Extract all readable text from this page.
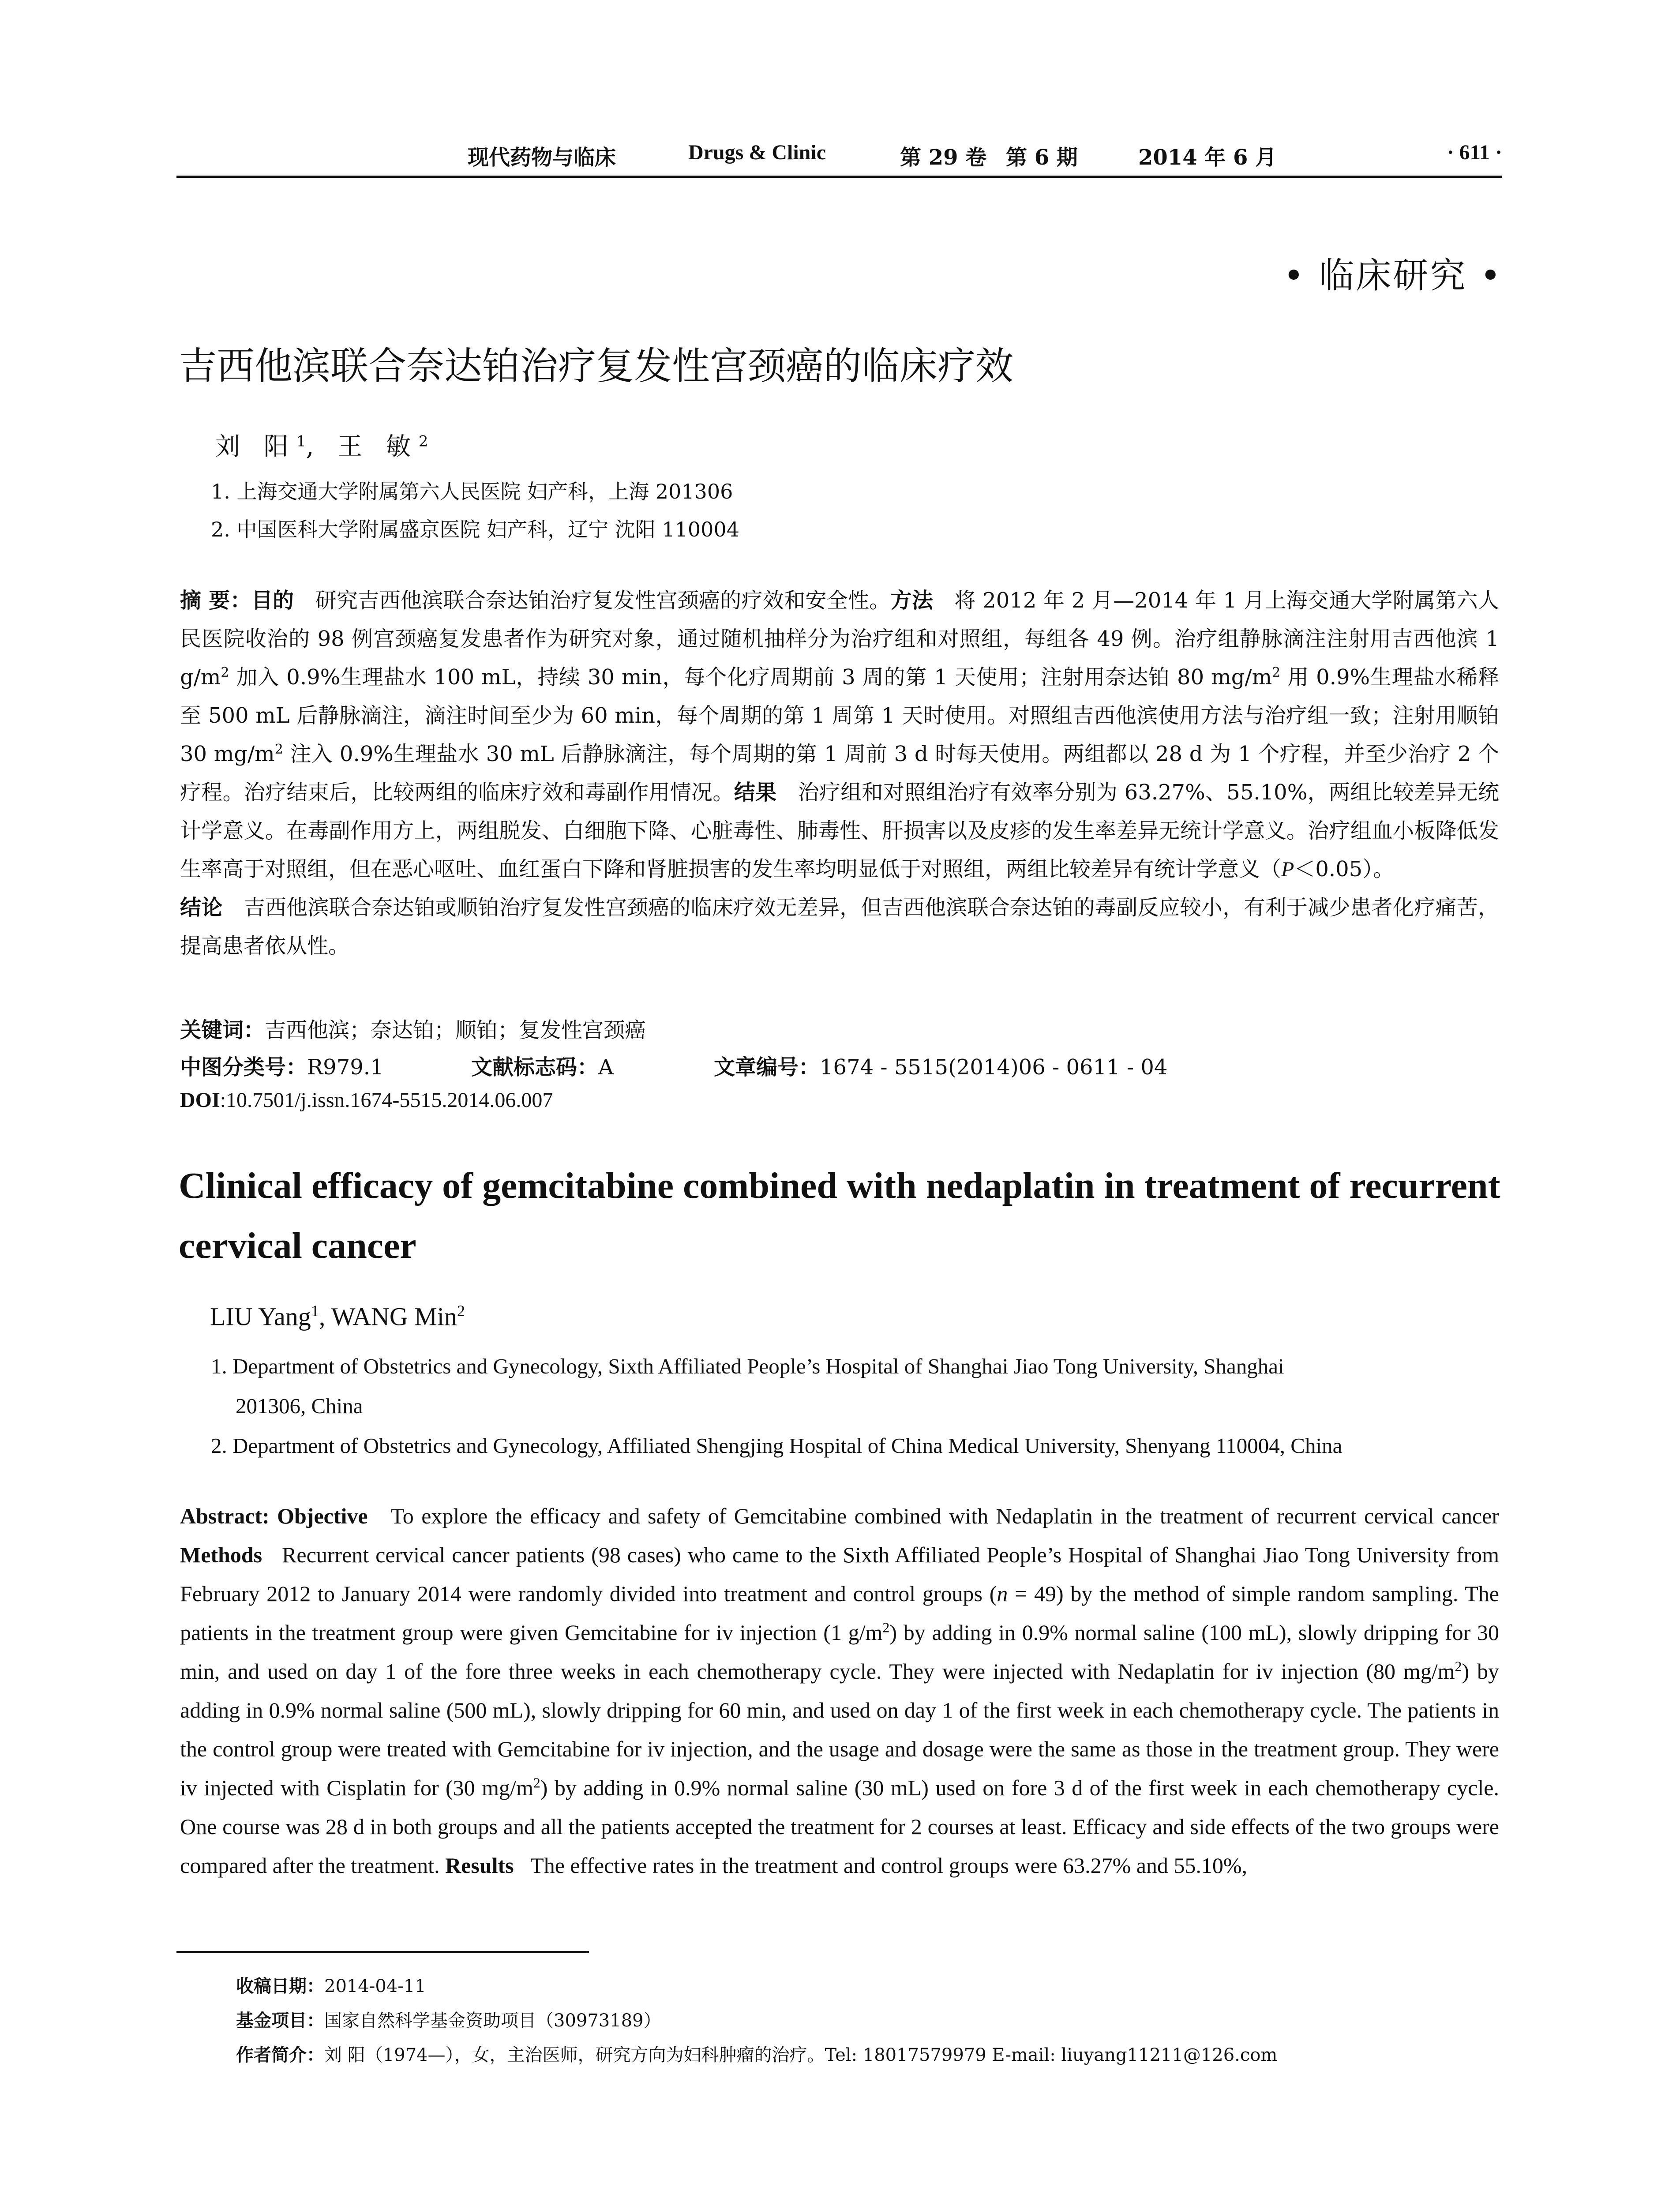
现代药物与临床	Drugs & Clinic	第 29 卷 第 6 期	2014 年 6 月	· 611 ·
• 临床研究 •
吉西他滨联合奈达铂治疗复发性宫颈癌的临床疗效
刘 阳$^1$, 王 敏$^2$
1. 上海交通大学附属第六人民医院 妇产科，上海 201306
2. 中国医科大学附属盛京医院 妇产科，辽宁 沈阳 110004
摘 要：目的　 研究吉西他滨联合奈达铂治疗复发性宫颈癌的疗效和安全性。方法　 将 2012 年 2 月—2014 年 1 月上海交通大学附属第六人民医院收治的 98 例宫颈癌复发患者作为研究对象，通过随机抽样分为治疗组和对照组，每组各 49 例。治疗组静脉滴注注射用吉西他滨 1 $g/m^2$ 加入 0.9%生理盐水 100 mL，持续 30 min，每个化疗周期前 3 周的第 1 天使用；注射用奈达铂 80 $mg/m^2$ 用 0.9%生理盐水稀释至 500 mL 后静脉滴注，滴注时间至少为 60 min，每个周期的第 1 周第 1 天时使用。对照组吉西他滨使用方法与治疗组一致；注射用顺铂 30 $mg/m^2$ 注入 0.9%生理盐水 30 mL 后静脉滴注，每个周期的第 1 周前 3 d 时每天使用。两组都以 28 d 为 1 个疗程，并至少治疗 2 个疗程。治疗结束后，比较两组的临床疗效和毒副作用情况。结果　 治疗组和对照组治疗有效率分别为 63.27%、55.10%，两组比较差异无统计学意义。在毒副作用方上，两组脱发、白细胞下降、心脏毒性、肺毒性、肝损害以及皮疹的发生率差异无统计学意义。治疗组血小板降低发生率高于对照组，但在恶心呕吐、血红蛋白下降和肾脏损害的发生率均明显低于对照组，两组比较差异有统计学意义（P＜0.05）。
结论　 吉西他滨联合奈达铂或顺铂治疗复发性宫颈癌的临床疗效无差异，但吉西他滨联合奈达铂的毒副反应较小，有利于减少患者化疗痛苦，提高患者依从性。
关键词：吉西他滨；奈达铂；顺铂；复发性宫颈癌
中图分类号：R979.1	文献标志码：A	文章编号：1674 - 5515(2014)06 - 0611 - 04
DOI:10.7501/j.issn.1674-5515.2014.06.007
Clinical efficacy of gemcitabine combined with nedaplatin in treatment of recurrent cervical cancer
LIU Yang$^1$, WANG Min$^2$
1. Department of Obstetrics and Gynecology, Sixth Affiliated People’s Hospital of Shanghai Jiao Tong University, Shanghai
201306, China
2. Department of Obstetrics and Gynecology, Affiliated Shengjing Hospital of China Medical University, Shenyang 110004, China
Abstract: Objective To explore the efficacy and safety of Gemcitabine combined with Nedaplatin in the treatment of recurrent cervical cancer Methods Recurrent cervical cancer patients (98 cases) who came to the Sixth Affiliated People’s Hospital of Shanghai Jiao Tong University from February 2012 to January 2014 were randomly divided into treatment and control groups (n = 49) by the method of simple random sampling. The patients in the treatment group were given Gemcitabine for iv injection (1 $g/m^2$) by adding in 0.9% normal saline (100 mL), slowly dripping for 30 min, and used on day 1 of the fore three weeks in each chemotherapy cycle. They were injected with Nedaplatin for iv injection (80 $mg/m^2$) by adding in 0.9% normal saline (500 mL), slowly dripping for 60 min, and used on day 1 of the first week in each chemotherapy cycle. The patients in the control group were treated with Gemcitabine for iv injection, and the usage and dosage were the same as those in the treatment group. They were iv injected with Cisplatin for (30 $mg/m^2$) by adding in 0.9% normal saline (30 mL) used on fore 3 d of the first week in each chemotherapy cycle. One course was 28 d in both groups and all the patients accepted the treatment for 2 courses at least. Efficacy and side effects of the two groups were compared after the treatment. Results The effective rates in the treatment and control groups were 63.27% and 55.10%,
收稿日期：2014-04-11
基金项目：国家自然科学基金资助项目（30973189）
作者简介：刘 阳（1974—），女，主治医师，研究方向为妇科肿瘤的治疗。Tel: 18017579979 E-mail: liuyang11211@126.com
